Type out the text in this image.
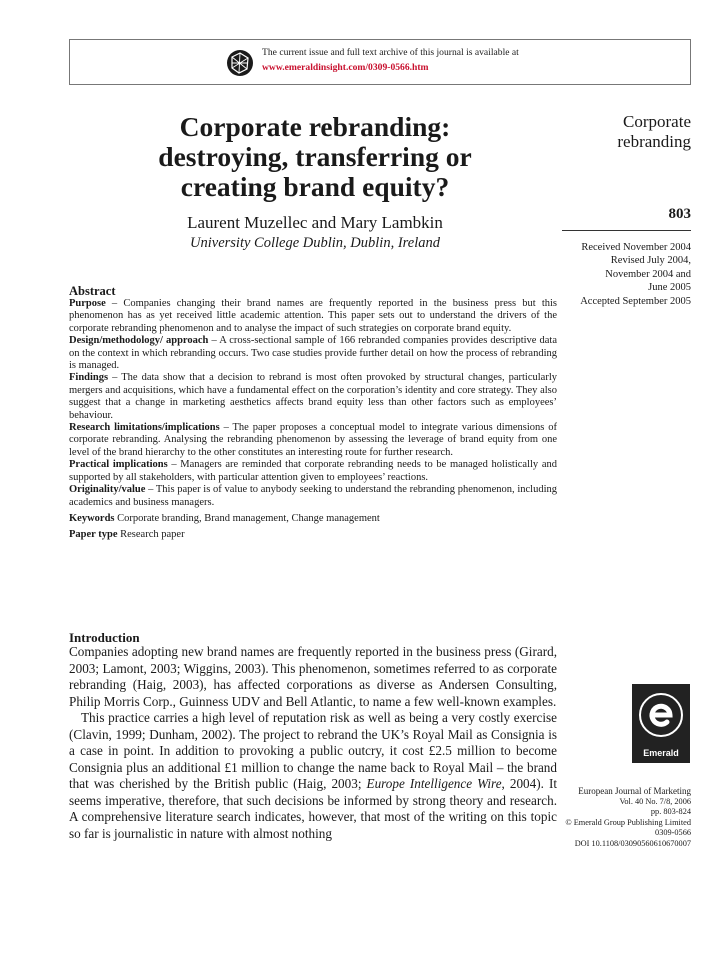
The current issue and full text archive of this journal is available at
www.emeraldinsight.com/0309-0566.htm
Corporate rebranding:
destroying, transferring or
creating brand equity?
Laurent Muzellec and Mary Lambkin
University College Dublin, Dublin, Ireland
Corporate
rebranding
803
Received November 2004
Revised July 2004,
November 2004 and
June 2005
Accepted September 2005
Abstract

Purpose – Companies changing their brand names are frequently reported in the business press but this phenomenon has as yet received little academic attention. This paper sets out to understand the drivers of the corporate rebranding phenomenon and to analyse the impact of such strategies on corporate brand equity.

Design/methodology/ approach – A cross-sectional sample of 166 rebranded companies provides descriptive data on the context in which rebranding occurs. Two case studies provide further detail on how the process of rebranding is managed.

Findings – The data show that a decision to rebrand is most often provoked by structural changes, particularly mergers and acquisitions, which have a fundamental effect on the corporation’s identity and core strategy. They also suggest that a change in marketing aesthetics affects brand equity less than other factors such as employees’ behaviour.

Research limitations/implications – The paper proposes a conceptual model to integrate various dimensions of corporate rebranding. Analysing the rebranding phenomenon by assessing the leverage of brand equity from one level of the brand hierarchy to the other constitutes an interesting route for further research.

Practical implications – Managers are reminded that corporate rebranding needs to be managed holistically and supported by all stakeholders, with particular attention given to employees’ reactions.

Originality/value – This paper is of value to anybody seeking to understand the rebranding phenomenon, including academics and business managers.

Keywords Corporate branding, Brand management, Change management

Paper type Research paper

Introduction

Companies adopting new brand names are frequently reported in the business press (Girard, 2003; Lamont, 2003; Wiggins, 2003). This phenomenon, sometimes referred to as corporate rebranding (Haig, 2003), has affected corporations as diverse as Andersen Consulting, Philip Morris Corp., Guinness UDV and Bell Atlantic, to name a few well-known examples.

This practice carries a high level of reputation risk as well as being a very costly exercise (Clavin, 1999; Dunham, 2002). The project to rebrand the UK’s Royal Mail as Consignia is a case in point. In addition to provoking a public outcry, it cost £2.5 million to become Consignia plus an additional £1 million to change the name back to Royal Mail – the brand that was cherished by the British public (Haig, 2003; Europe Intelligence Wire, 2004). It seems imperative, therefore, that such decisions be informed by strong theory and research. A comprehensive literature search indicates, however, that most of the writing on this topic so far is journalistic in nature with almost nothing

Emerald
European Journal of Marketing
Vol. 40 No. 7/8, 2006
pp. 803-824
© Emerald Group Publishing Limited
0309-0566
DOI 10.1108/03090560610670007
